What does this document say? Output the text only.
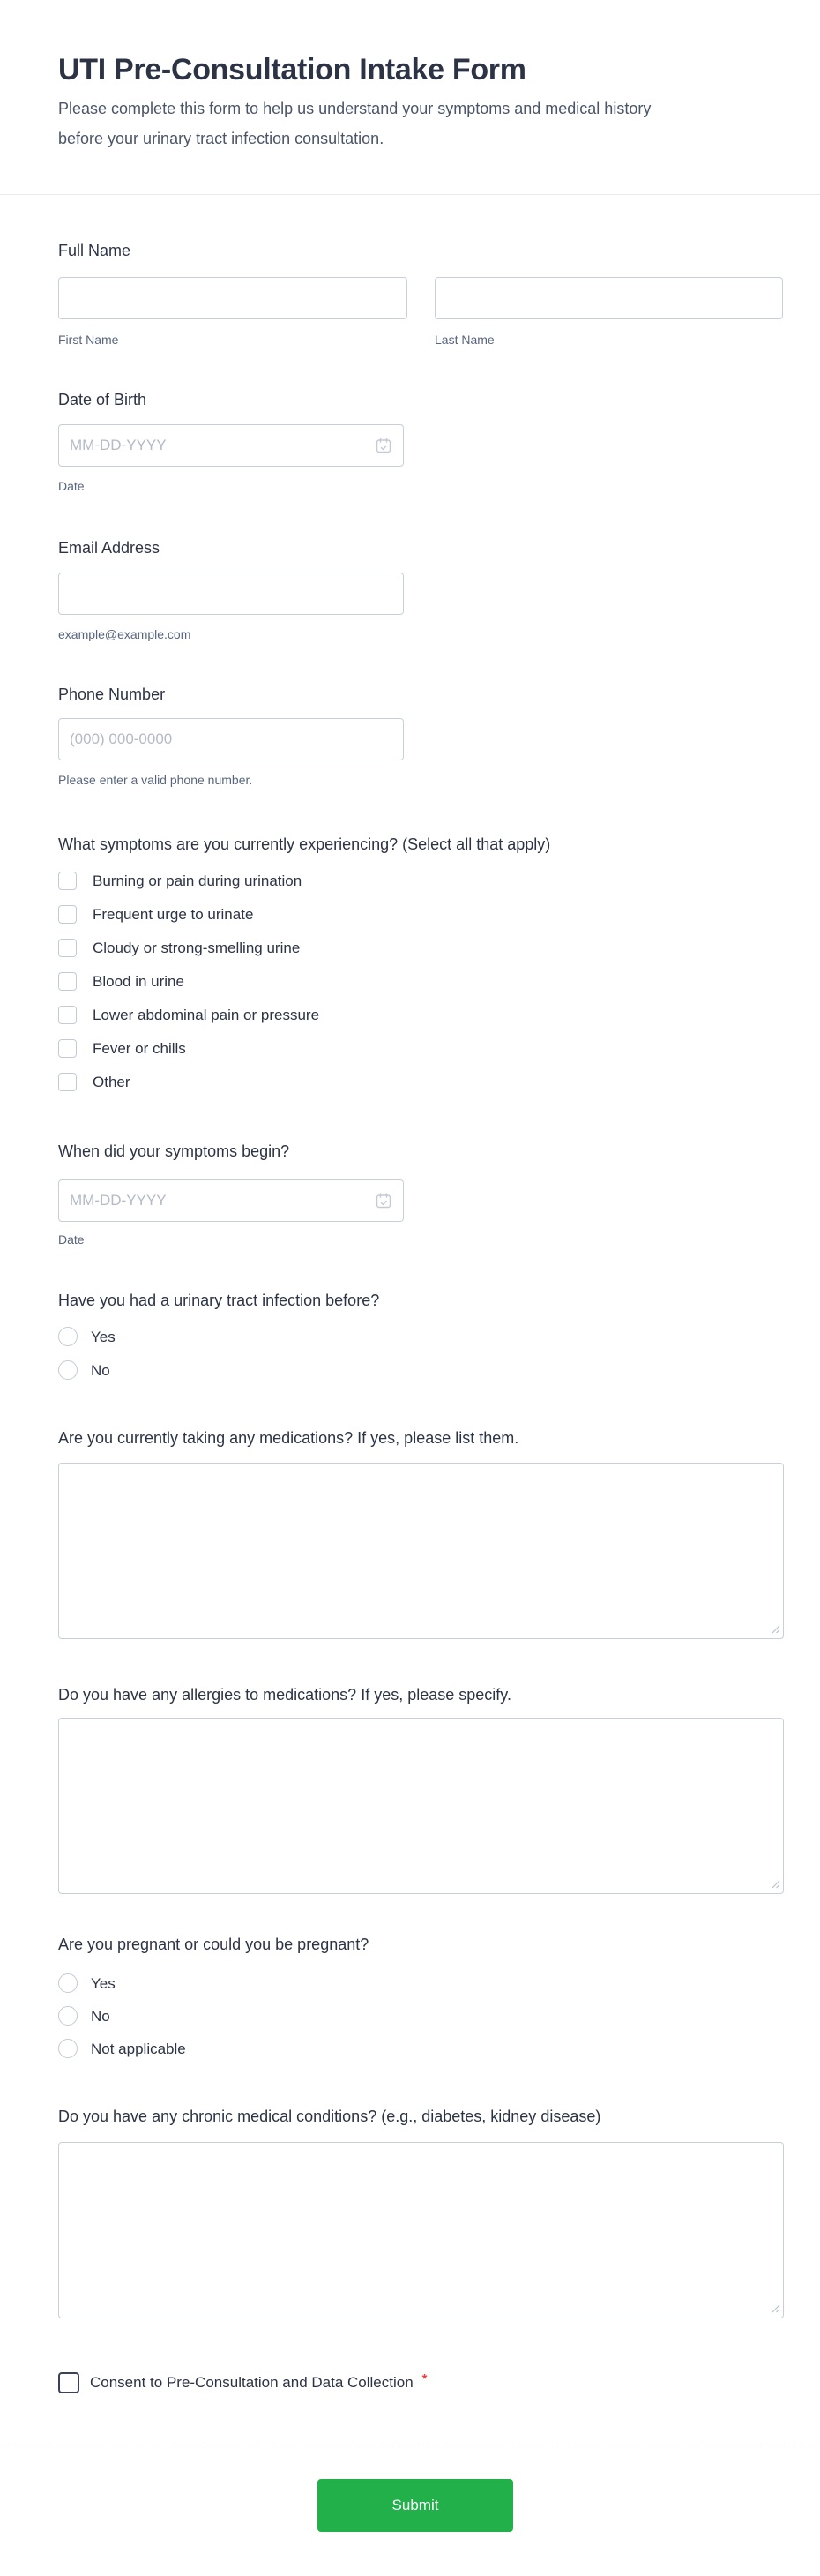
UTI Pre-Consultation Intake Form

Please complete this form to help us understand your symptoms and medical history
before your urinary tract infection consultation.

Full Name
First Name	Last Name
Date of Birth
MM-DD-YYYY
Date
Email Address
example@example.com
Phone Number
(000) 000-0000
Please enter a valid phone number.
What symptoms are you currently experiencing? (Select all that apply)
Burning or pain during urination
Frequent urge to urinate
Cloudy or strong-smelling urine
Blood in urine
Lower abdominal pain or pressure
Fever or chills
Other
When did your symptoms begin?
MM-DD-YYYY
Date
Have you had a urinary tract infection before?
Yes
No
Are you currently taking any medications? If yes, please list them.
Do you have any allergies to medications? If yes, please specify.
Are you pregnant or could you be pregnant?
Yes
No
Not applicable
Do you have any chronic medical conditions? (e.g., diabetes, kidney disease)
Consent to Pre-Consultation and Data Collection *
Submit
